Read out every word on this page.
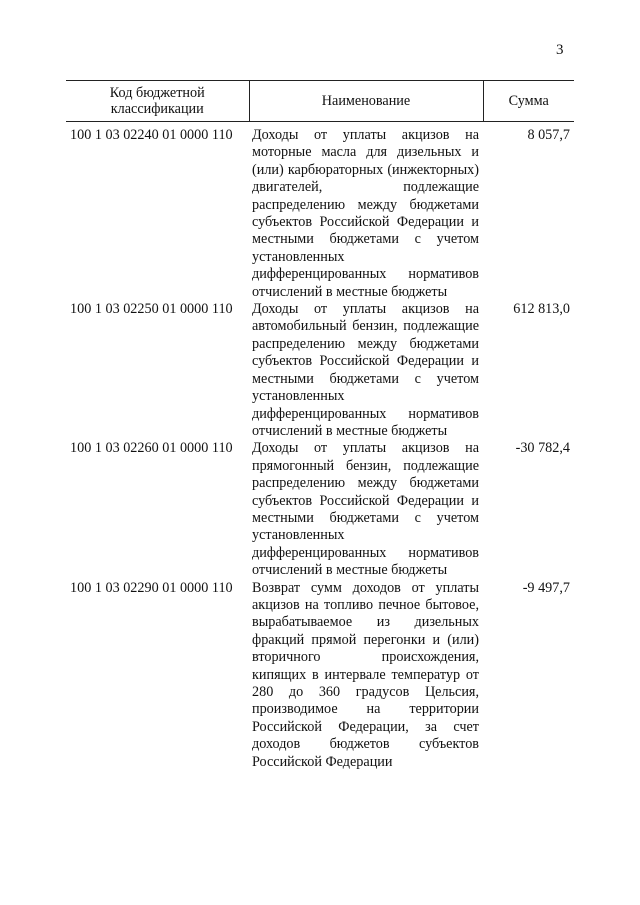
3
Код бюджетной классификации	Наименование	Сумма
100 1 03 02240 01 0000 110	Доходы от уплаты акцизов на моторные масла для дизельных и (или) карбюраторных (инжекторных) двигателей, подлежащие распределению между бюджетами субъектов Российской Федерации и местными бюджетами с учетом установленных дифференцированных нормативов отчислений в местные бюджеты	8 057,7
100 1 03 02250 01 0000 110	Доходы от уплаты акцизов на автомобильный бензин, подлежащие распределению между бюджетами субъектов Российской Федерации и местными бюджетами с учетом установленных дифференцированных нормативов отчислений в местные бюджеты	612 813,0
100 1 03 02260 01 0000 110	Доходы от уплаты акцизов на прямогонный бензин, подлежащие распределению между бюджетами субъектов Российской Федерации и местными бюджетами с учетом установленных дифференцированных нормативов отчислений в местные бюджеты	-30 782,4
100 1 03 02290 01 0000 110	Возврат сумм доходов от уплаты акцизов на топливо печное бытовое, вырабатываемое из дизельных фракций прямой перегонки и (или) вторичного происхождения, кипящих в интервале температур от 280 до 360 градусов Цельсия, производимое на территории Российской Федерации, за счет доходов бюджетов субъектов Российской Федерации	-9 497,7
